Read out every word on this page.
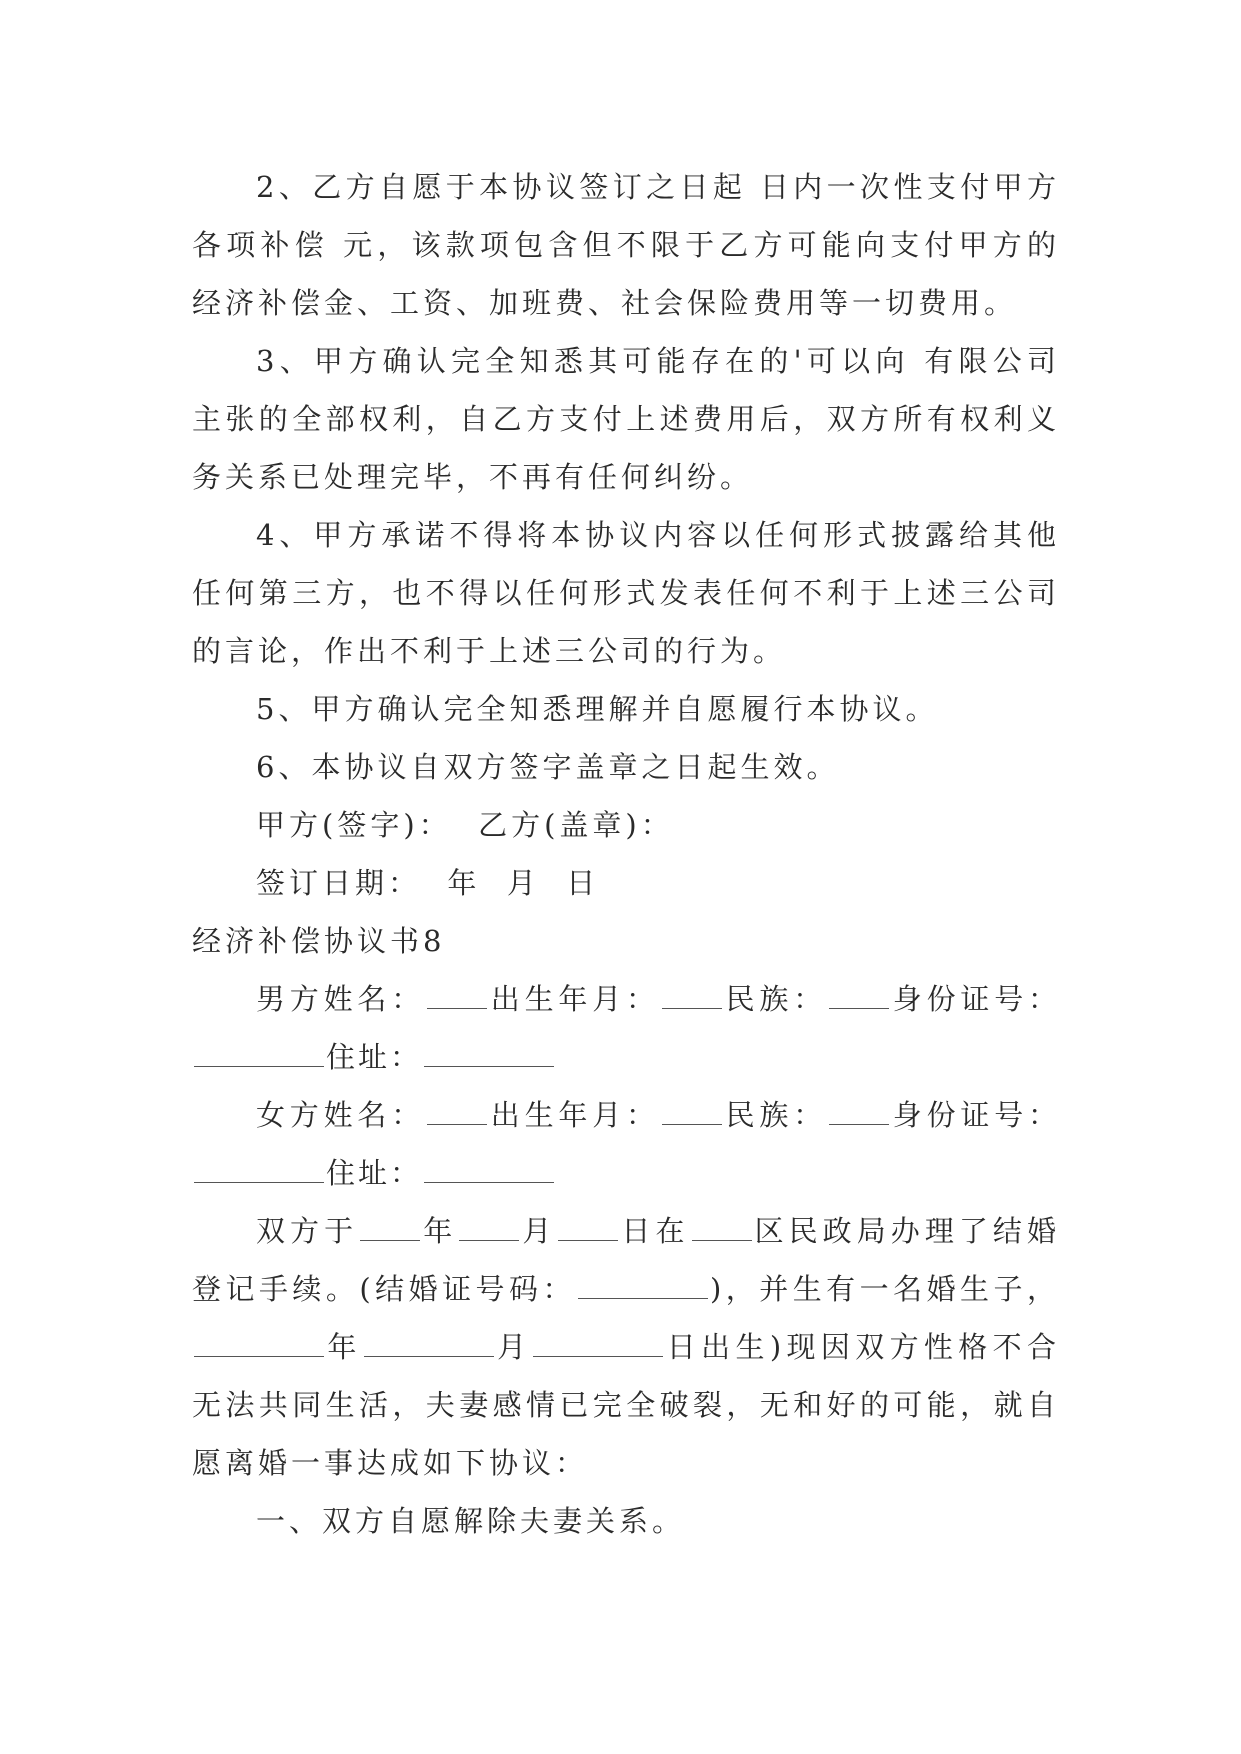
2、乙方自愿于本协议签订之日起 日内一次性支付甲方各项补偿 元，该款项包含但不限于乙方可能向支付甲方的经济补偿金、工资、加班费、社会保险费用等一切费用。

3、甲方确认完全知悉其可能存在的'可以向 有限公司主张的全部权利，自乙方支付上述费用后，双方所有权利义务关系已处理完毕，不再有任何纠纷。

4、甲方承诺不得将本协议内容以任何形式披露给其他任何第三方，也不得以任何形式发表任何不利于上述三公司的言论，作出不利于上述三公司的行为。

5、甲方确认完全知悉理解并自愿履行本协议。

6、本协议自双方签字盖章之日起生效。

甲方(签字)：  乙方(盖章)：

签订日期：  年  月  日

经济补偿协议书8

男方姓名： 出生年月： 民族： 身份证号：住址：

女方姓名： 出生年月： 民族： 身份证号：住址：

双方于 年 月 日在 区民政局办理了结婚登记手续。(结婚证号码：	)，并生有一名婚生子，年	月	日出生)现因双方性格不合无法共同生活，夫妻感情已完全破裂，无和好的可能，就自愿离婚一事达成如下协议：

一、双方自愿解除夫妻关系。
